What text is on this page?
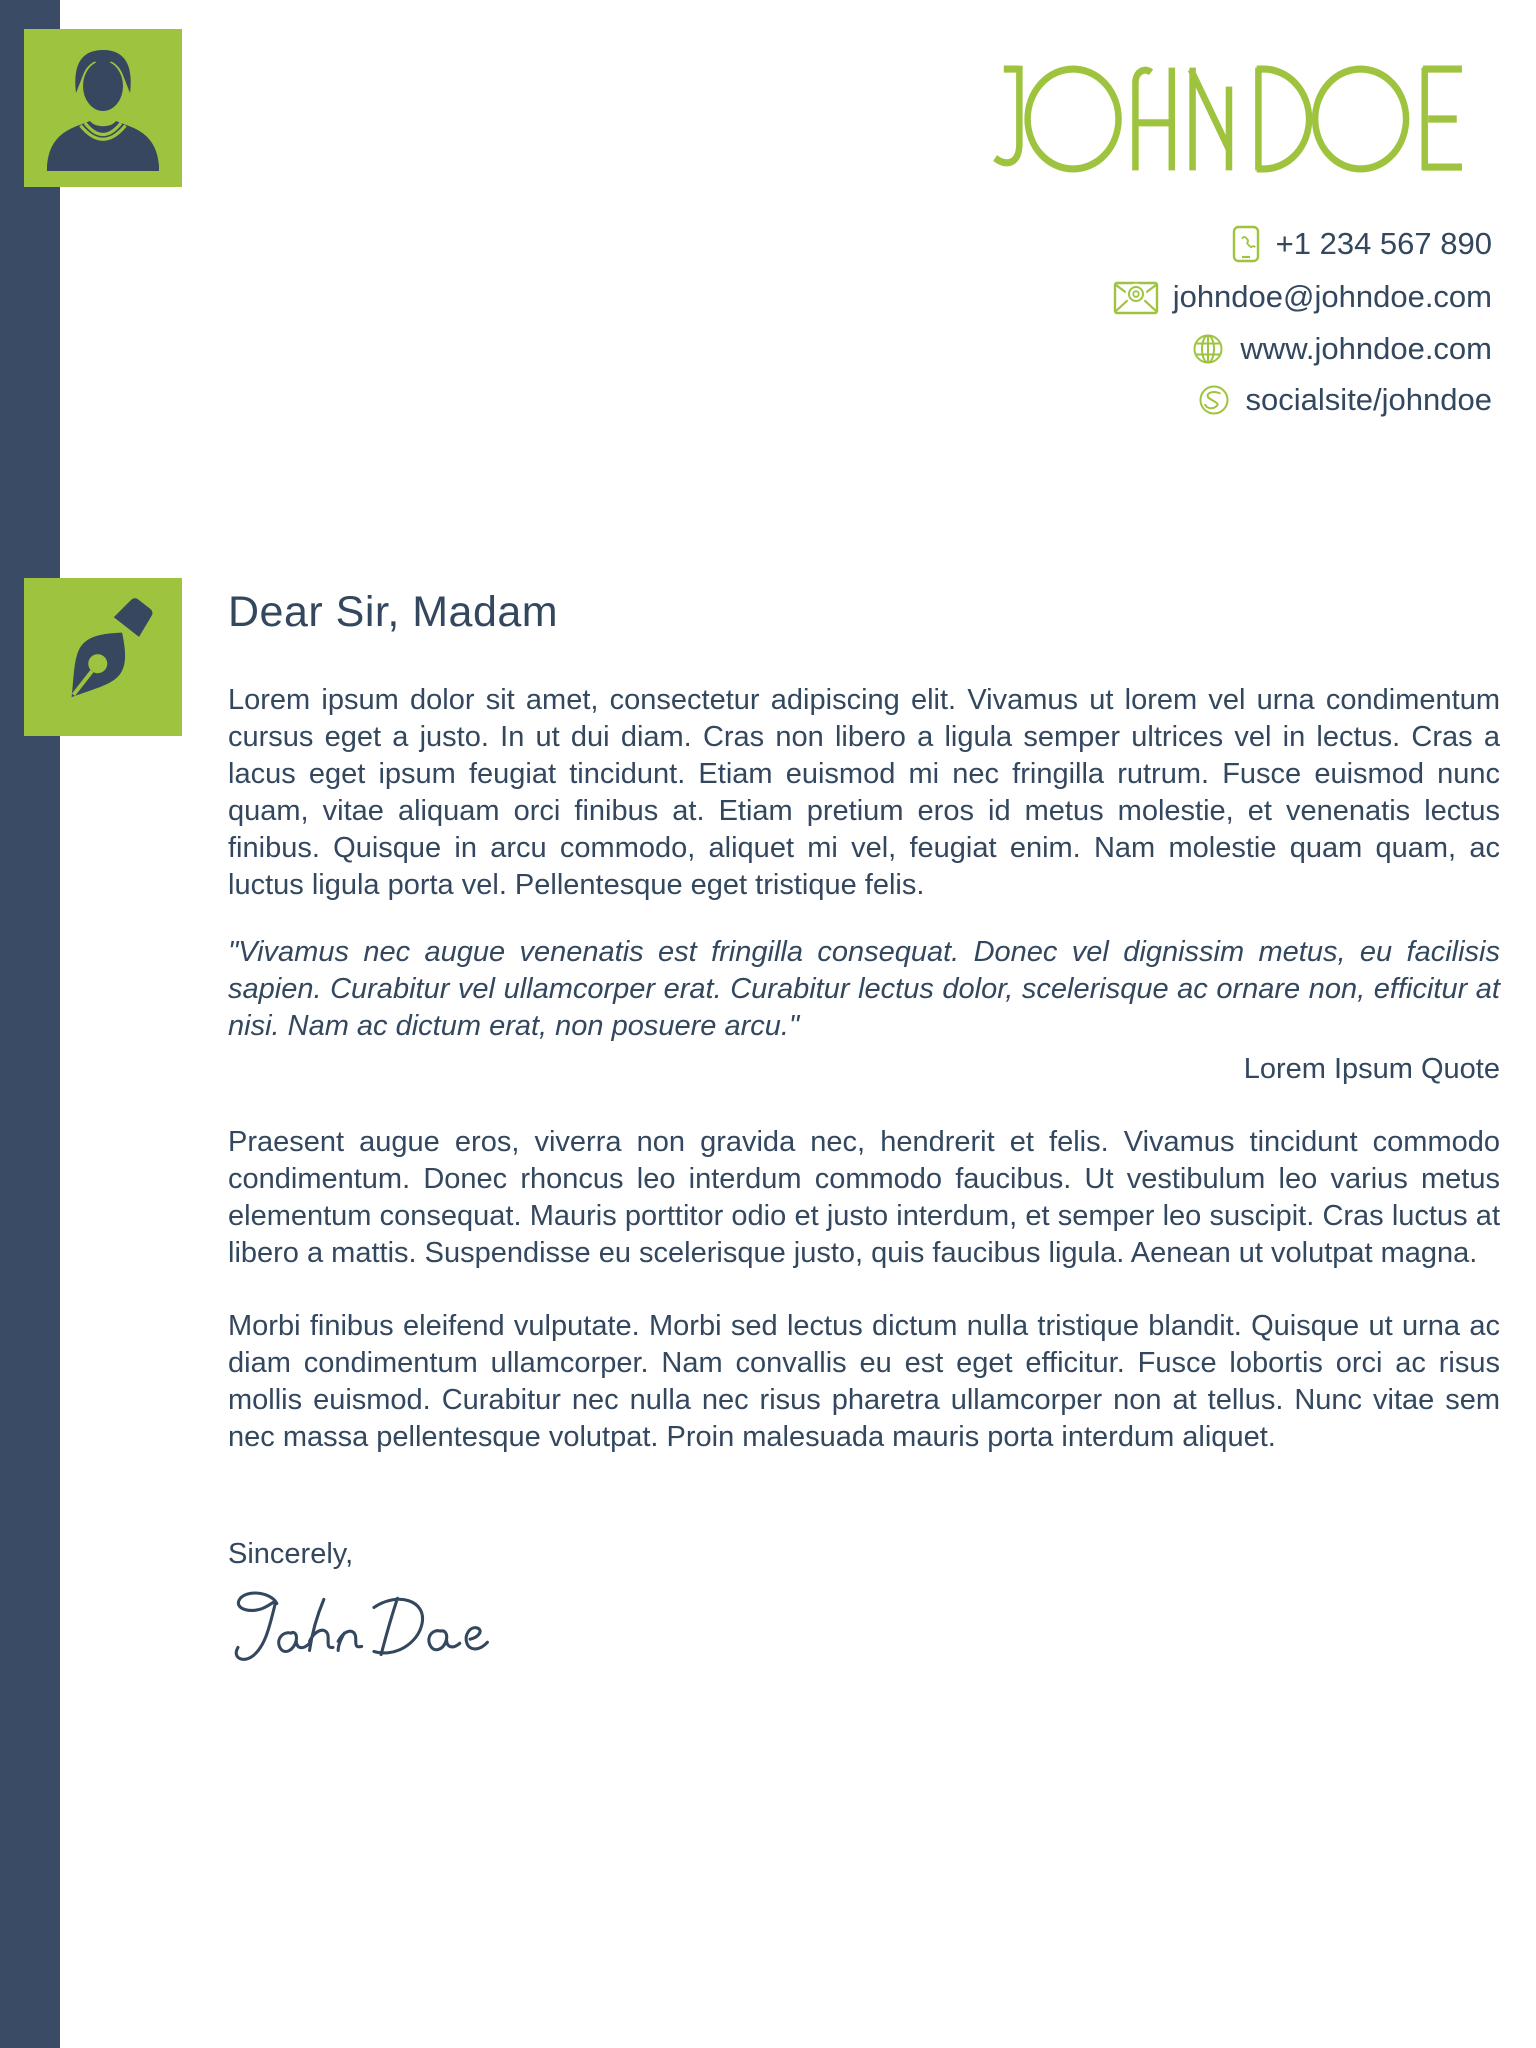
+1 234 567 890
johndoe@johndoe.com
www.johndoe.com
socialsite/johndoe
Dear Sir, Madam

Lorem ipsum dolor sit amet, consectetur adipiscing elit. Vivamus ut lorem vel urna condimentum cursus eget a justo. In ut dui diam. Cras non libero a ligula semper ultrices vel in lectus. Cras a lacus eget ipsum feugiat tincidunt. Etiam euismod mi nec fringilla rutrum. Fusce euismod nunc quam, vitae aliquam orci finibus at. Etiam pretium eros id metus molestie, et venenatis lectus finibus. Quisque in arcu commodo, aliquet mi vel, feugiat enim. Nam molestie quam quam, ac luctus ligula porta vel. Pellentesque eget tristique felis.

"Vivamus nec augue venenatis est fringilla consequat. Donec vel dignissim metus, eu facilisis sapien. Curabitur vel ullamcorper erat. Curabitur lectus dolor, scelerisque ac ornare non, efficitur at nisi. Nam ac dictum erat, non posuere arcu."

Lorem Ipsum Quote

Praesent augue eros, viverra non gravida nec, hendrerit et felis. Vivamus tincidunt commodo condimentum. Donec rhoncus leo interdum commodo faucibus. Ut vestibulum leo varius metus elementum consequat. Mauris porttitor odio et justo interdum, et semper leo suscipit. Cras luctus at libero a mattis. Suspendisse eu scelerisque justo, quis faucibus ligula. Aenean ut volutpat magna.

Morbi finibus eleifend vulputate. Morbi sed lectus dictum nulla tristique blandit. Quisque ut urna ac diam condimentum ullamcorper. Nam convallis eu est eget efficitur. Fusce lobortis orci ac risus mollis euismod. Curabitur nec nulla nec risus pharetra ullamcorper non at tellus. Nunc vitae sem nec massa pellentesque volutpat. Proin malesuada mauris porta interdum aliquet.

Sincerely,
